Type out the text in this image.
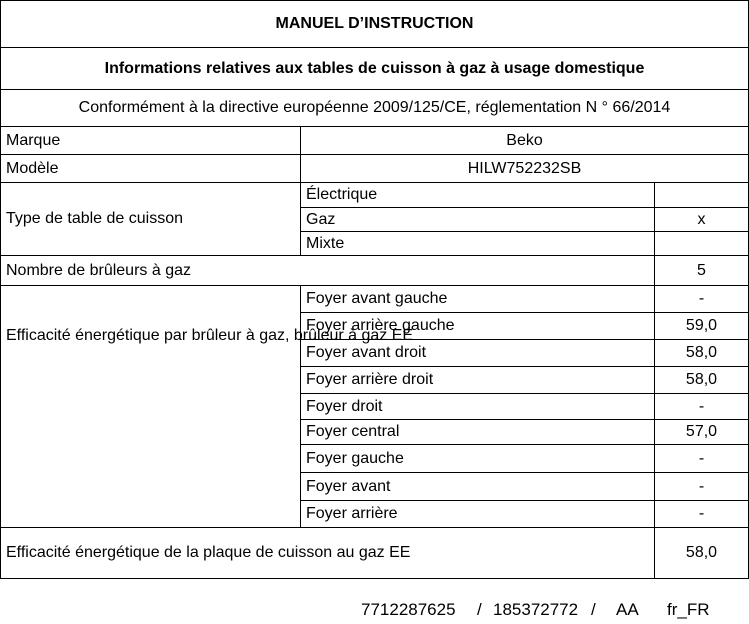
MANUEL D’INSTRUCTION		
Informations relatives aux tables de cuisson à gaz à usage domestique		
Conformément à la directive européenne 2009/125/CE, réglementation N ° 66/2014		
Marque	Beko	
Modèle	HILW752232SB	
Type de table de cuisson	Électrique	
	Gaz	x
	Mixte	
Nombre de brûleurs à gaz		5
Efficacité énergétique par brûleur à gaz, brûleur à gaz EE	Foyer avant gauche	-
	Foyer arrière gauche	59,0
	Foyer avant droit	58,0
	Foyer arrière droit	58,0
	Foyer droit	-
	Foyer central	57,0
	Foyer gauche	-
	Foyer avant	-
	Foyer arrière	-
Efficacité énergétique de la plaque de cuisson au gaz EE		58,0
7712287625 / 185372772 / AA fr_FR
